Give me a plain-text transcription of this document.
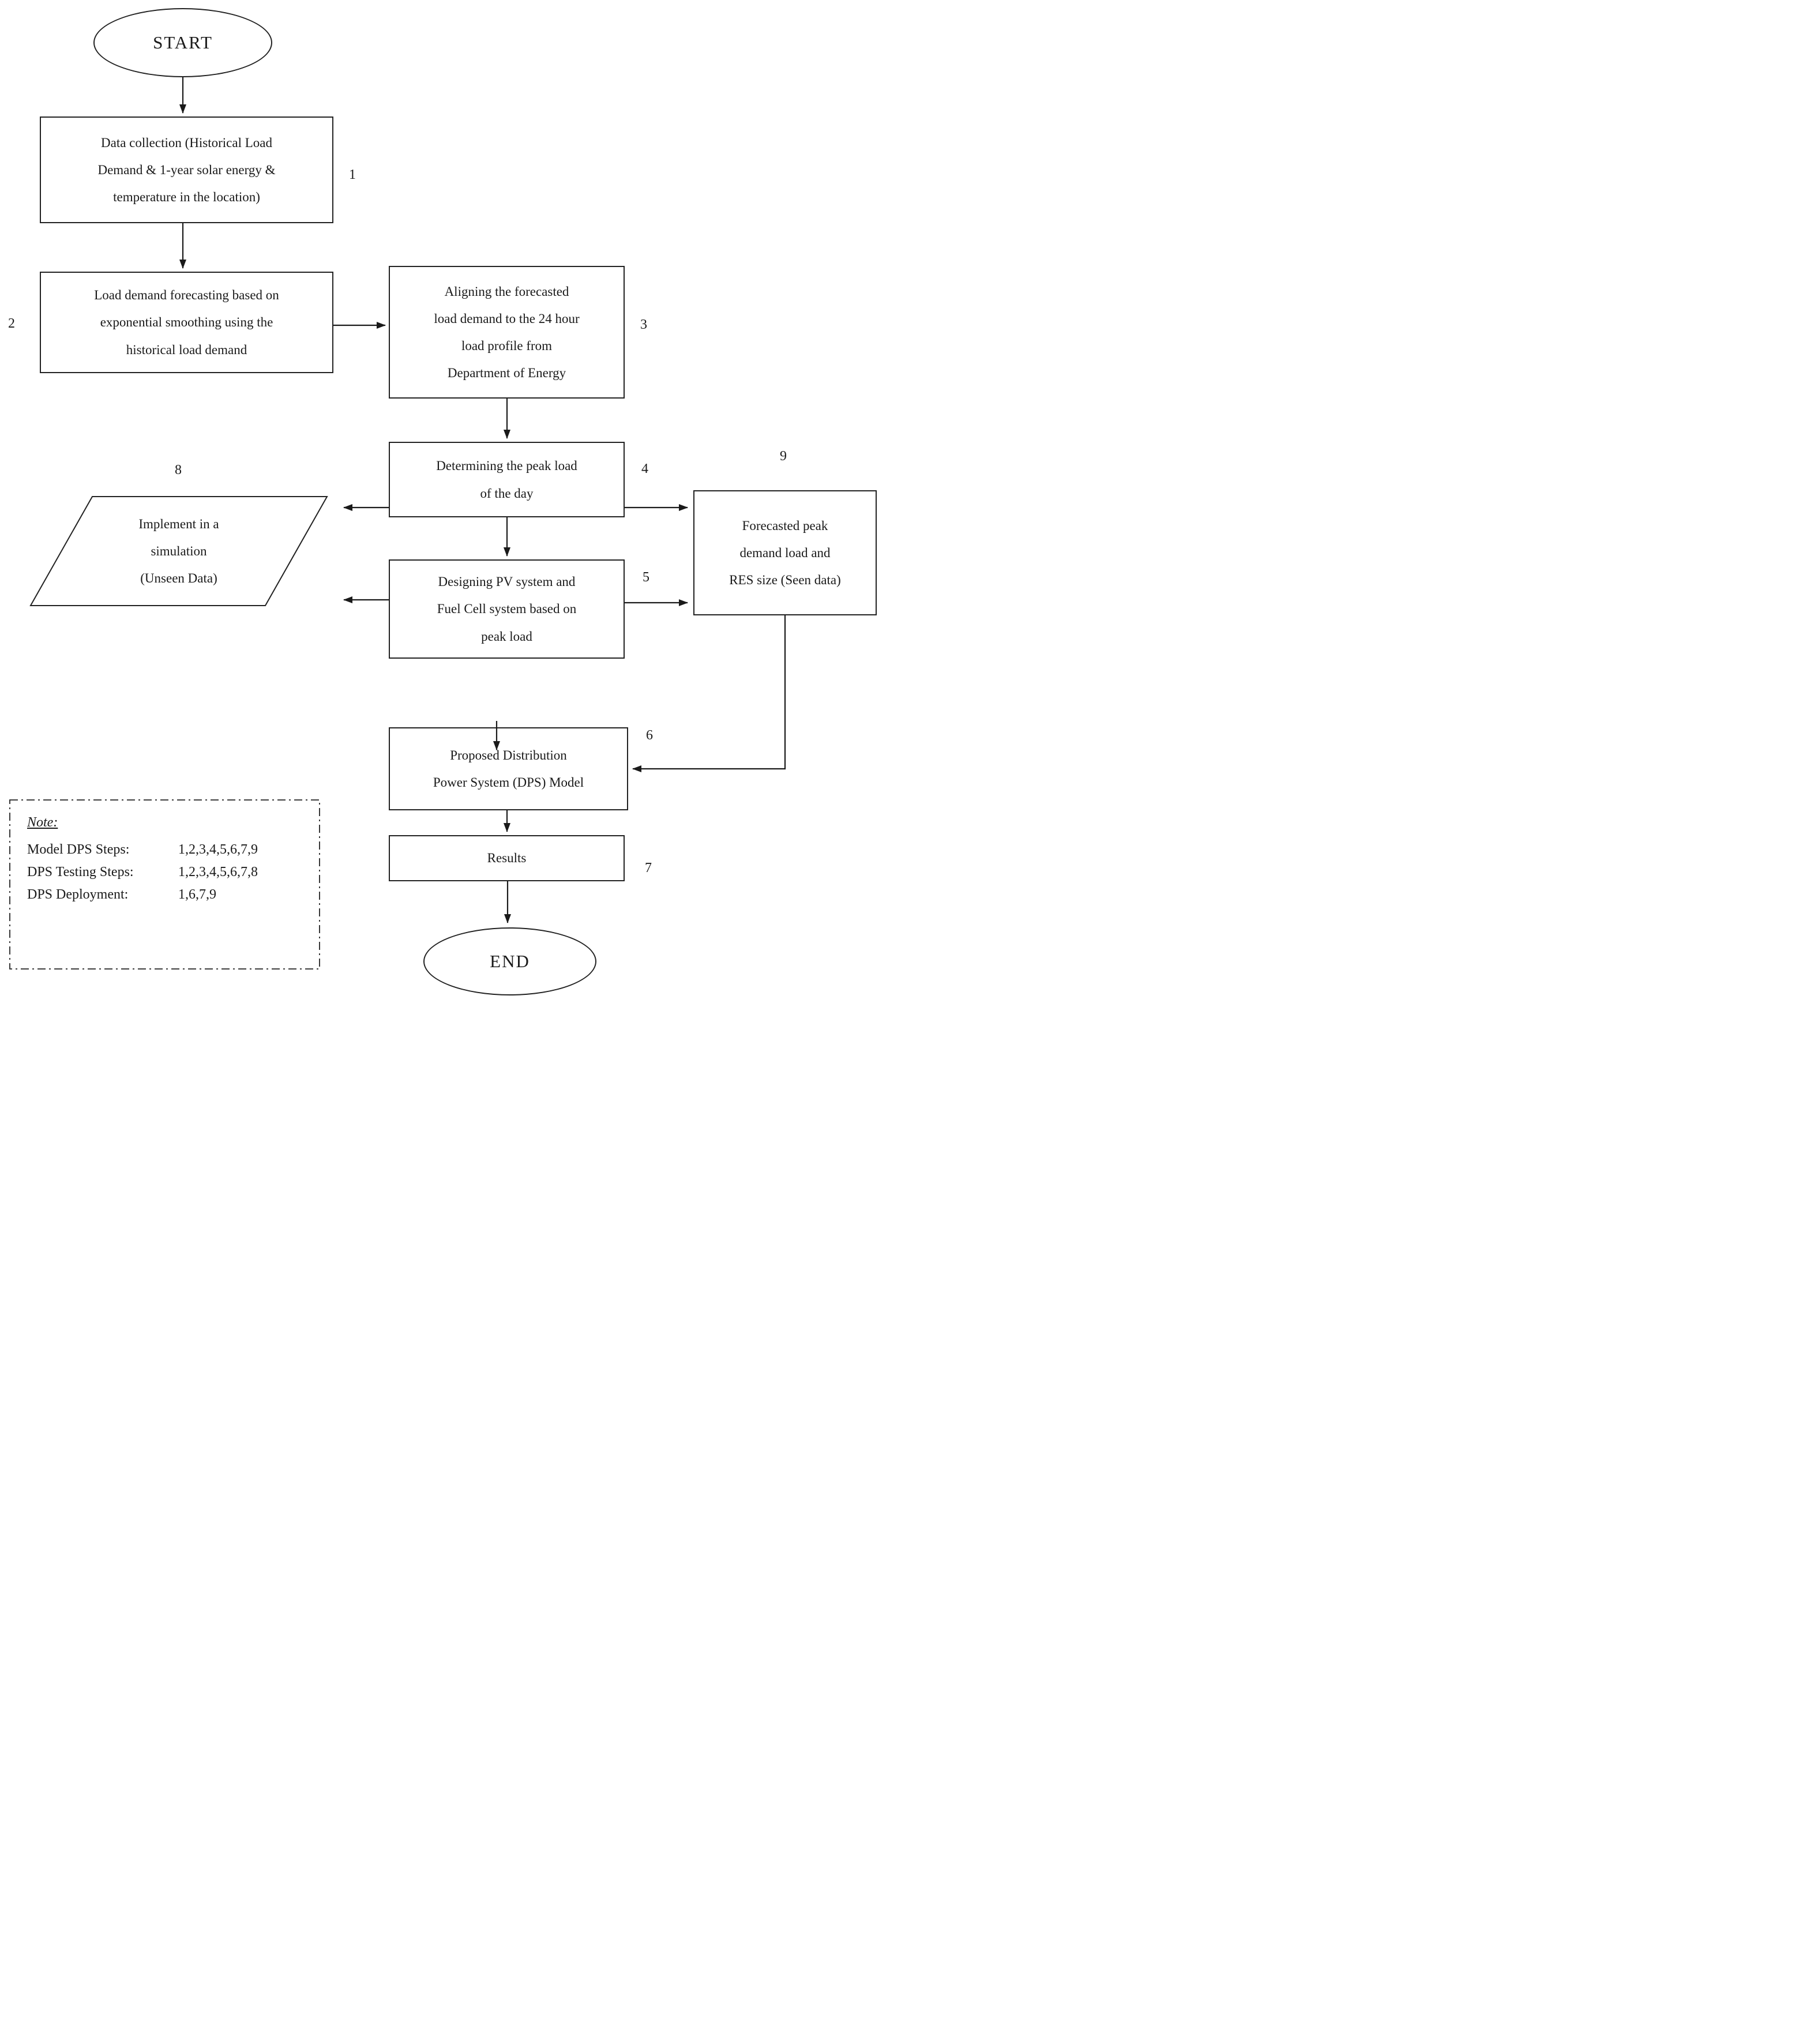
START
Data collection (Historical Load
Demand & 1-year solar energy &
temperature in the location)
1
Load demand forecasting based on
exponential smoothing using the
historical load demand
2
Aligning the forecasted
load demand to the 24 hour
load profile from
Department of Energy
3
Determining the peak load
of the day
4
Implement in a
simulation
(Unseen Data)
8
Forecasted peak
demand load and
RES size (Seen data)
9
Designing PV system and
Fuel Cell system based on
peak load
5
Proposed Distribution
Power System (DPS) Model
6
Results
7
END
Note:
Model DPS Steps:	1,2,3,4,5,6,7,9
DPS Testing Steps:	1,2,3,4,5,6,7,8
DPS Deployment:	1,6,7,9
